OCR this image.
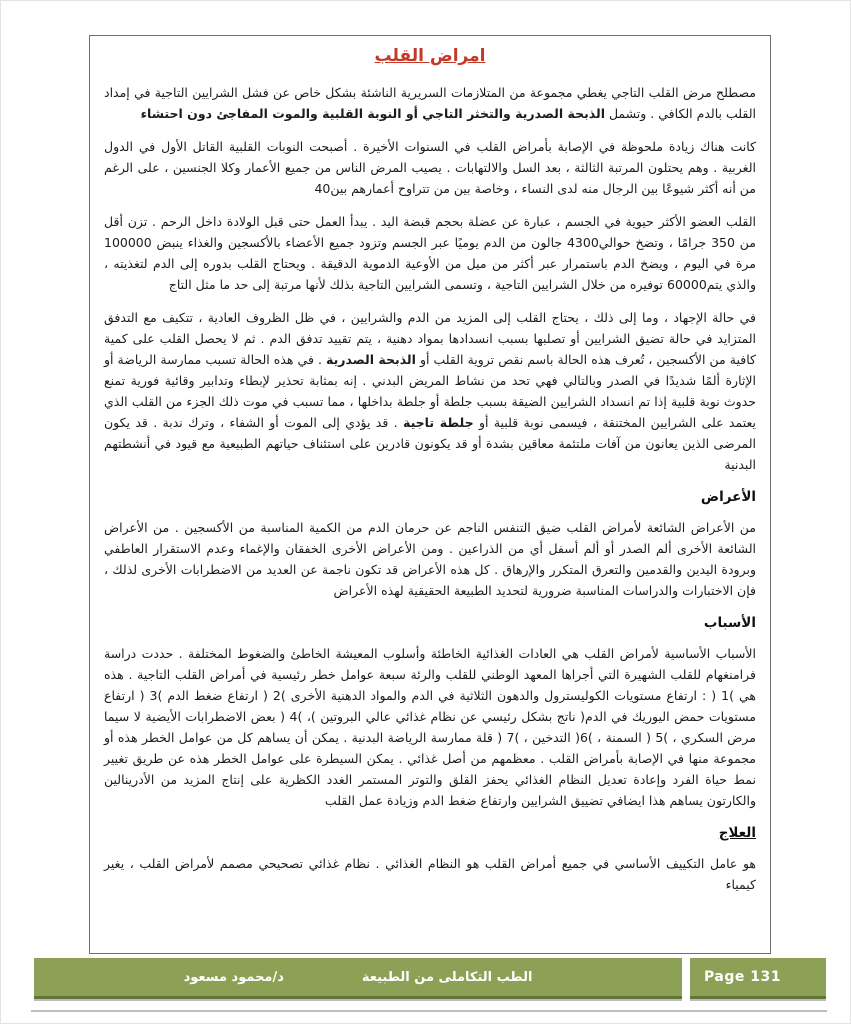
امراض القلب

مصطلح مرض القلب التاجي يغطي مجموعة من المتلازمات السريرية الناشئة بشكل خاص عن فشل الشرايين التاجية في إمداد القلب بالدم الكافي . وتشمل الذبحة الصدرية والتخثر التاجي أو النوبة القلبية والموت المفاجئ دون احتشاء

كانت هناك زيادة ملحوظة في الإصابة بأمراض القلب في السنوات الأخيرة . أصبحت النوبات القلبية القاتل الأول في الدول الغربية . وهم يحتلون المرتبة الثالثة ، بعد السل والالتهابات . يصيب المرض الناس من جميع الأعمار وكلا الجنسين ، على الرغم من أنه أكثر شيوعًا بين الرجال منه لدى النساء ، وخاصة بين من تتراوح أعمارهم بين40

القلب العضو الأكثر حيوية في الجسم ، عبارة عن عضلة بحجم قبضة اليد . يبدأ العمل حتى قبل الولادة داخل الرحم . تزن أقل من 350 جرامًا ، وتضخ حوالي4300 جالون من الدم يوميًا عبر الجسم وتزود جميع الأعضاء بالأكسجين والغذاء ينبض 100000 مرة في اليوم ، ويضخ الدم باستمرار عبر أكثر من ميل من الأوعية الدموية الدقيقة . ويحتاج القلب بدوره إلى الدم لتغذيته ، والذي يتم60000 توفيره من خلال الشرايين التاجية ، وتسمى الشرايين التاجية بذلك لأنها مرتبة إلى حد ما مثل التاج

في حالة الإجهاد ، وما إلى ذلك ، يحتاج القلب إلى المزيد من الدم والشرايين ، في ظل الظروف العادية ، تتكيف مع التدفق المتزايد في حالة تضيق الشرايين أو تصلبها بسبب انسدادها بمواد دهنية ، يتم تقييد تدفق الدم . ثم لا يحصل القلب على كمية كافية من الأكسجين ، تُعرف هذه الحالة باسم نقص تروية القلب أو الذبحة الصدرية . في هذه الحالة تسبب ممارسة الرياضة أو الإثارة ألمًا شديدًا في الصدر وبالتالي فهي تحد من نشاط المريض البدني . إنه بمثابة تحذير لإبطاء وتدابير وقائية فورية تمنع حدوث نوبة قلبية إذا تم انسداد الشرايين الضيقة بسبب جلطة أو جلطة بداخلها ، مما تسبب في موت ذلك الجزء من القلب الذي يعتمد على الشرايين المختنقة ، فيسمى نوبة قلبية أو جلطة تاجية . قد يؤدي إلى الموت أو الشفاء ، وترك ندبة . قد يكون المرضى الذين يعانون من آفات ملتئمة معاقين بشدة أو قد يكونون قادرين على استئناف حياتهم الطبيعية مع قيود في أنشطتهم البدنية

الأعراض

من الأعراض الشائعة لأمراض القلب ضيق التنفس الناجم عن حرمان الدم من الكمية المناسبة من الأكسجين . من الأعراض الشائعة الأخرى ألم الصدر أو ألم أسفل أي من الذراعين . ومن الأعراض الأخرى الخفقان والإغماء وعدم الاستقرار العاطفي وبرودة اليدين والقدمين والتعرق المتكرر والإرهاق . كل هذه الأعراض قد تكون ناجمة عن العديد من الاضطرابات الأخرى لذلك ، فإن الاختبارات والدراسات المناسبة ضرورية لتحديد الطبيعة الحقيقية لهذه الأعراض

الأسباب

الأسباب الأساسية لأمراض القلب هي العادات الغذائية الخاطئة وأسلوب المعيشة الخاطئ والضغوط المختلفة . حددت دراسة فرامنغهام للقلب الشهيرة التي أجراها المعهد الوطني للقلب والرئة سبعة عوامل خطر رئيسية في أمراض القلب التاجية . هذه هي )1 ( : ارتفاع مستويات الكوليسترول والدهون الثلاثية في الدم والمواد الدهنية الأخرى )2 ( ارتفاع ضغط الدم )3 ( ارتفاع مستويات حمض اليوريك في الدم( ناتج بشكل رئيسي عن نظام غذائي عالي البروتين )، )4 ( بعض الاضطرابات الأيضية لا سيما مرض السكري ، )5 ( السمنة ، )6( التدخين ، )7 ( قلة ممارسة الرياضة البدنية . يمكن أن يساهم كل من عوامل الخطر هذه أو مجموعة منها في الإصابة بأمراض القلب . معظمهم من أصل غذائي . يمكن السيطرة على عوامل الخطر هذه عن طريق تغيير نمط حياة الفرد وإعادة تعديل النظام الغذائي يحفز القلق والتوتر المستمر الغدد الكظرية على إنتاج المزيد من الأدرينالين والكارتون يساهم هذا ايضافي تضييق الشرايين وارتفاع ضغط الدم وزيادة عمل القلب

العلاج

هو عامل التكييف الأساسي في جميع أمراض القلب هو النظام الغذائي . نظام غذائي تصحيحي مصمم لأمراض القلب ، يغير كيمياء

الطب التكاملى من الطبيعة
د/محمود مسعود	Page 131
